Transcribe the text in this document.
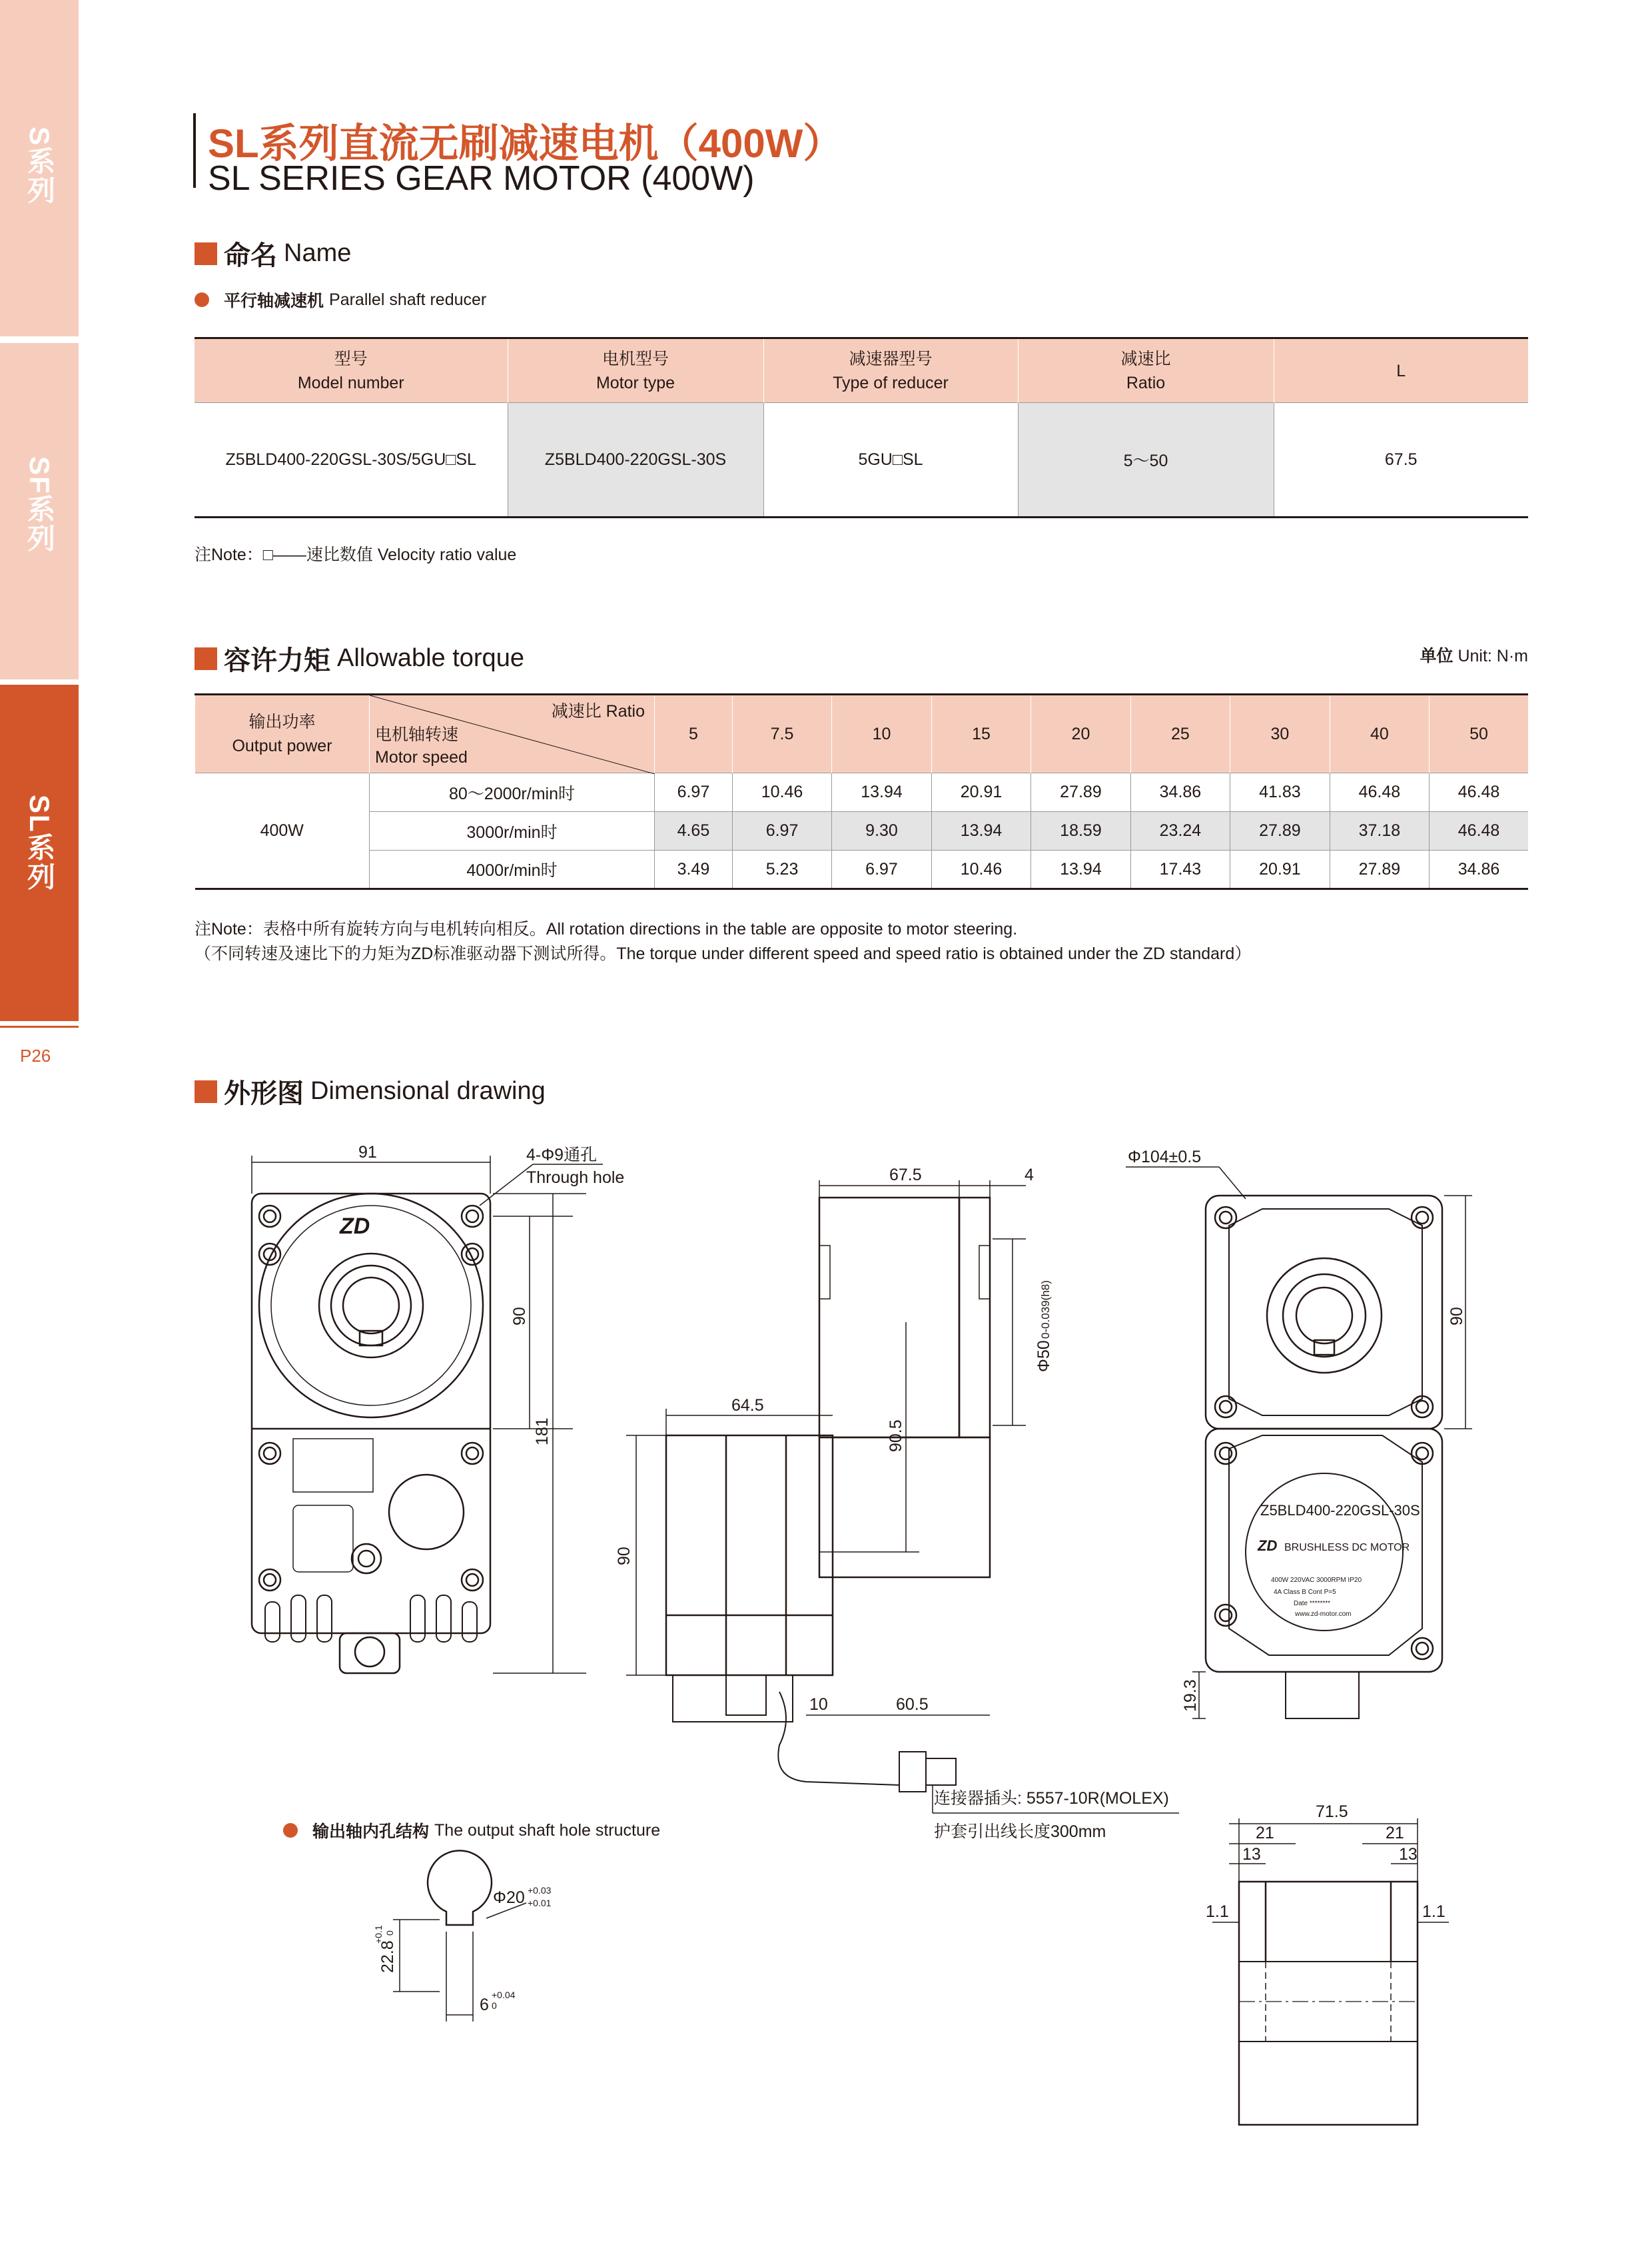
S系列
SF系列
SL系列
P26
SL系列直流无刷减速电机（400W）
SL SERIES GEAR MOTOR (400W)
命名 Name
平行轴减速机 Parallel shaft reducer
型号
Model number	电机型号
Motor type	减速器型号
Type of reducer	减速比
Ratio	L
Z5BLD400-220GSL-30S/5GU□SL	Z5BLD400-220GSL-30S	5GU□SL	5～50	67.5
注Note：□——速比数值 Velocity ratio value
容许力矩 Allowable torque	单位 Unit: N·m
输出功率
Output power	减速比 Ratio
电机轴转速
Motor speed	5	7.5	10	15	20	25	30	40	50
400W	80～2000r/min时	6.97	10.46	13.94	20.91	27.89	34.86	41.83	46.48	46.48
	3000r/min时	4.65	6.97	9.30	13.94	18.59	23.24	27.89	37.18	46.48
	4000r/min时	3.49	5.23	6.97	10.46	13.94	17.43	20.91	27.89	34.86
注Note：表格中所有旋转方向与电机转向相反。All rotation directions in the table are opposite to motor steering.
（不同转速及速比下的力矩为ZD标准驱动器下测试所得。The torque under different speed and speed ratio is obtained under the ZD standard）
外形图 Dimensional drawing
ZD
91	4-Φ9通孔
Through hole
90
181
67.5	4
Φ50
0-0.039(h8)
64.5
90.5
90
10	60.5
连接器插头: 5557-10R(MOLEX)
护套引出线长度300mm
Z5BLD400-220GSL-30S
ZD BRUSHLESS DC MOTOR
400W 220VAC 3000RPM IP20
4A Class B Cont P=5
Date ********
www.zd-motor.com
Φ104±0.5
90
19.3
Φ20 +0.03
+0.01
22.8
+0.1 0
6
+0.04
0
71.5
21	21
13	13
1.1	1.1
输出轴内孔结构 The output shaft hole structure
